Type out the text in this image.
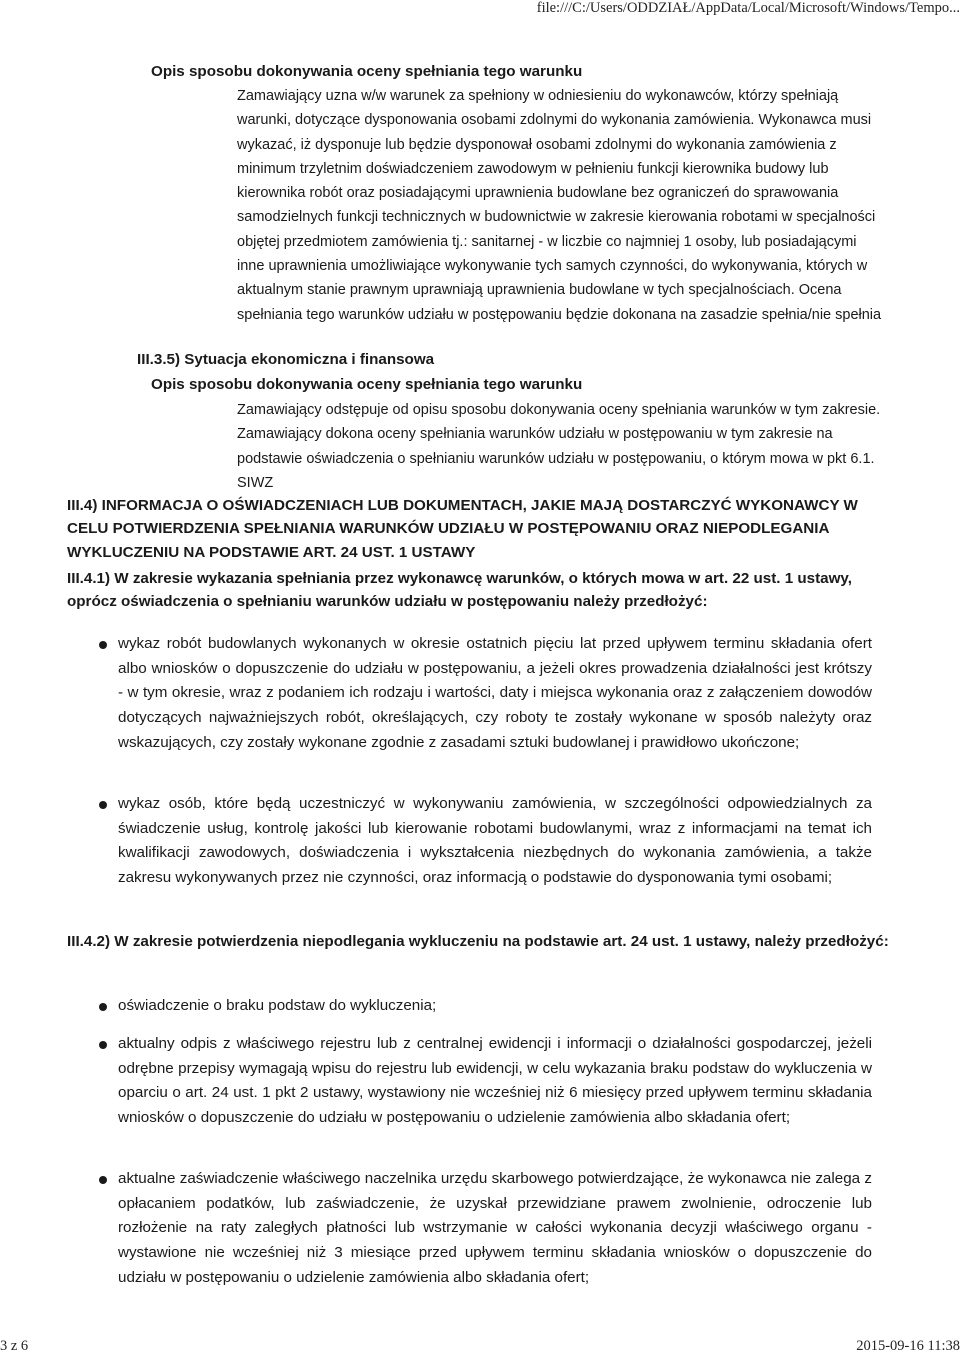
file:///C:/Users/ODDZIAŁ/AppData/Local/Microsoft/Windows/Tempo...

Opis sposobu dokonywania oceny spełniania tego warunku

Zamawiający uzna w/w warunek za spełniony w odniesieniu do wykonawców, którzy spełniają warunki, dotyczące dysponowania osobami zdolnymi do wykonania zamówienia. Wykonawca musi wykazać, iż dysponuje lub będzie dysponował osobami zdolnymi do wykonania zamówienia z minimum trzyletnim doświadczeniem zawodowym w pełnieniu funkcji kierownika budowy lub kierownika robót oraz posiadającymi uprawnienia budowlane bez ograniczeń do sprawowania samodzielnych funkcji technicznych w budownictwie w zakresie kierowania robotami w specjalności objętej przedmiotem zamówienia tj.: sanitarnej - w liczbie co najmniej 1 osoby, lub posiadającymi inne uprawnienia umożliwiające wykonywanie tych samych czynności, do wykonywania, których w aktualnym stanie prawnym uprawniają uprawnienia budowlane w tych specjalnościach. Ocena spełniania tego warunków udziału w postępowaniu będzie dokonana na zasadzie spełnia/nie spełnia

III.3.5) Sytuacja ekonomiczna i finansowa

Opis sposobu dokonywania oceny spełniania tego warunku

Zamawiający odstępuje od opisu sposobu dokonywania oceny spełniania warunków w tym zakresie. Zamawiający dokona oceny spełniania warunków udziału w postępowaniu w tym zakresie na podstawie oświadczenia o spełnianiu warunków udziału w postępowaniu, o którym mowa w pkt 6.1. SIWZ

III.4) INFORMACJA O OŚWIADCZENIACH LUB DOKUMENTACH, JAKIE MAJĄ DOSTARCZYĆ WYKONAWCY W CELU POTWIERDZENIA SPEŁNIANIA WARUNKÓW UDZIAŁU W POSTĘPOWANIU ORAZ NIEPODLEGANIA WYKLUCZENIU NA PODSTAWIE ART. 24 UST. 1 USTAWY

III.4.1) W zakresie wykazania spełniania przez wykonawcę warunków, o których mowa w art. 22 ust. 1 ustawy, oprócz oświadczenia o spełnianiu warunków udziału w postępowaniu należy przedłożyć:

wykaz robót budowlanych wykonanych w okresie ostatnich pięciu lat przed upływem terminu składania ofert albo wniosków o dopuszczenie do udziału w postępowaniu, a jeżeli okres prowadzenia działalności jest krótszy - w tym okresie, wraz z podaniem ich rodzaju i wartości, daty i miejsca wykonania oraz z załączeniem dowodów dotyczących najważniejszych robót, określających, czy roboty te zostały wykonane w sposób należyty oraz wskazujących, czy zostały wykonane zgodnie z zasadami sztuki budowlanej i prawidłowo ukończone;

wykaz osób, które będą uczestniczyć w wykonywaniu zamówienia, w szczególności odpowiedzialnych za świadczenie usług, kontrolę jakości lub kierowanie robotami budowlanymi, wraz z informacjami na temat ich kwalifikacji zawodowych, doświadczenia i wykształcenia niezbędnych do wykonania zamówienia, a także zakresu wykonywanych przez nie czynności, oraz informacją o podstawie do dysponowania tymi osobami;

III.4.2) W zakresie potwierdzenia niepodlegania wykluczeniu na podstawie art. 24 ust. 1 ustawy, należy przedłożyć:

oświadczenie o braku podstaw do wykluczenia;

aktualny odpis z właściwego rejestru lub z centralnej ewidencji i informacji o działalności gospodarczej, jeżeli odrębne przepisy wymagają wpisu do rejestru lub ewidencji, w celu wykazania braku podstaw do wykluczenia w oparciu o art. 24 ust. 1 pkt 2 ustawy, wystawiony nie wcześniej niż 6 miesięcy przed upływem terminu składania wniosków o dopuszczenie do udziału w postępowaniu o udzielenie zamówienia albo składania ofert;

aktualne zaświadczenie właściwego naczelnika urzędu skarbowego potwierdzające, że wykonawca nie zalega z opłacaniem podatków, lub zaświadczenie, że uzyskał przewidziane prawem zwolnienie, odroczenie lub rozłożenie na raty zaległych płatności lub wstrzymanie w całości wykonania decyzji właściwego organu - wystawione nie wcześniej niż 3 miesiące przed upływem terminu składania wniosków o dopuszczenie do udziału w postępowaniu o udzielenie zamówienia albo składania ofert;

3 z 6	2015-09-16 11:38
